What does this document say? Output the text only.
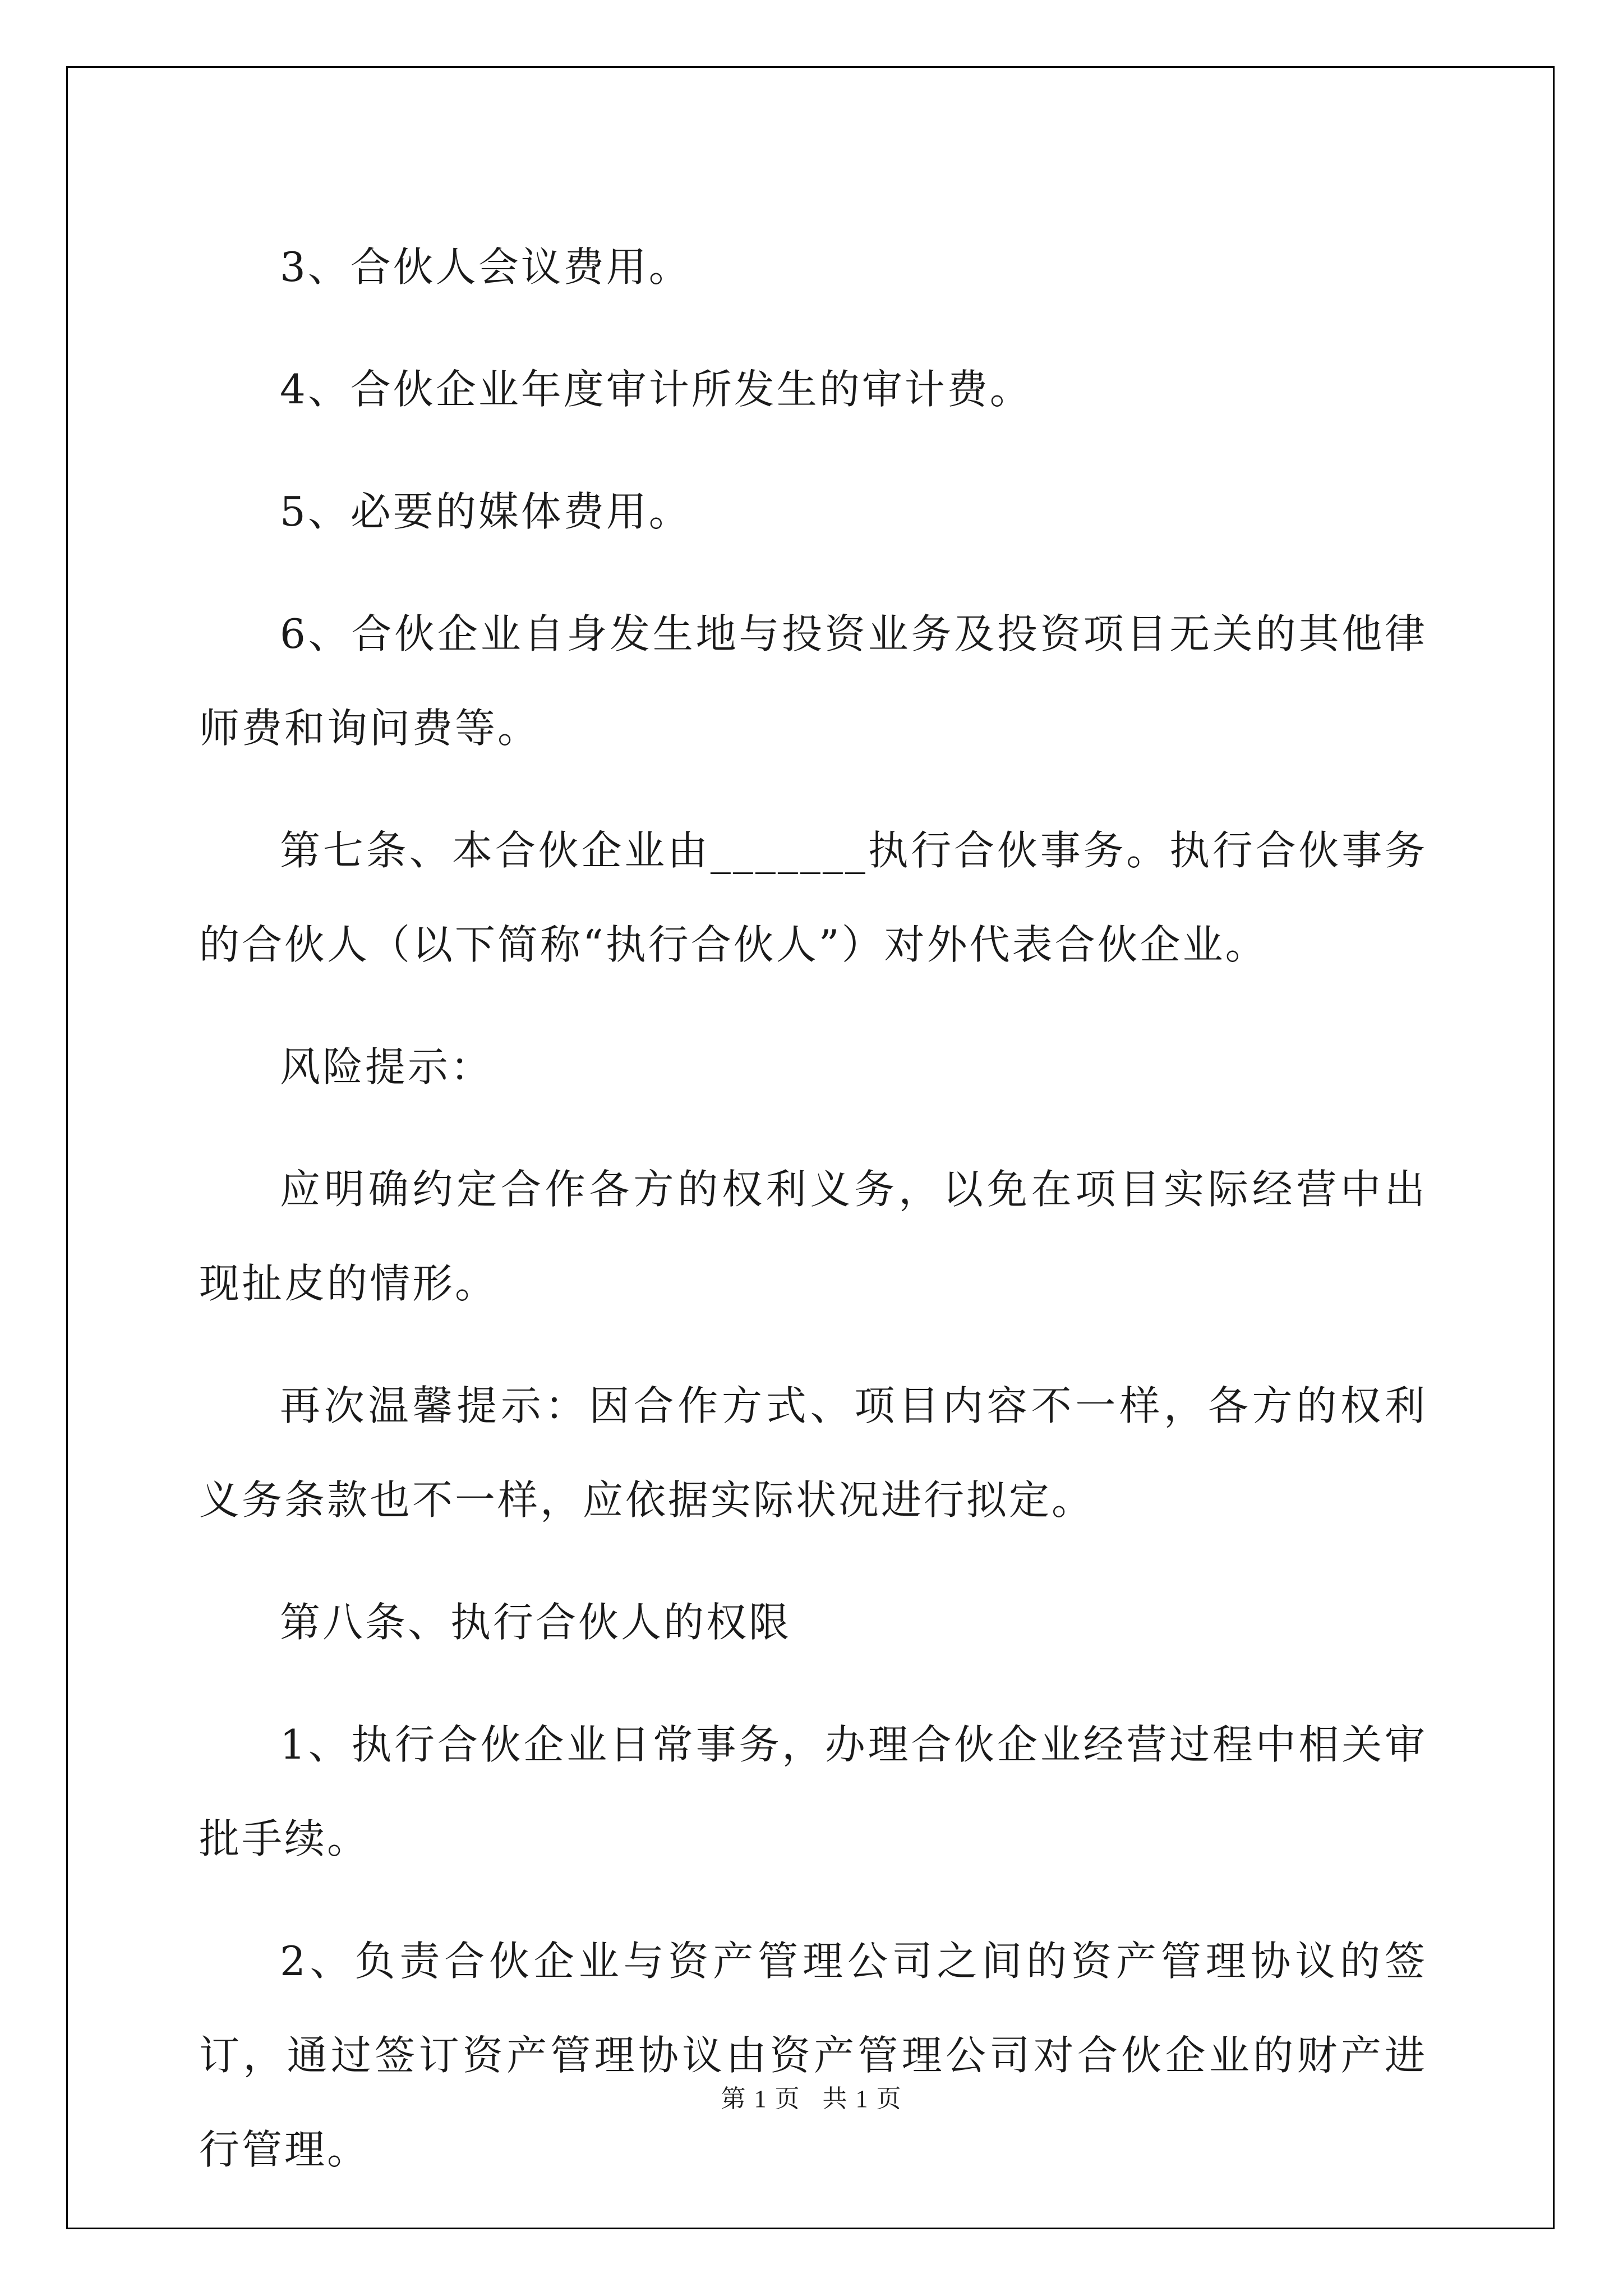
3、合伙人会议费用。

4、合伙企业年度审计所发生的审计费。

5、必要的媒体费用。

6、合伙企业自身发生地与投资业务及投资项目无关的其他律师费和询问费等。

第七条、本合伙企业由_______执行合伙事务。执行合伙事务的合伙人（以下简称“执行合伙人”）对外代表合伙企业。

风险提示：

应明确约定合作各方的权利义务，以免在项目实际经营中出现扯皮的情形。

再次温馨提示：因合作方式、项目内容不一样，各方的权利义务条款也不一样，应依据实际状况进行拟定。

第八条、执行合伙人的权限

1、执行合伙企业日常事务，办理合伙企业经营过程中相关审批手续。

2、负责合伙企业与资产管理公司之间的资产管理协议的签订，通过签订资产管理协议由资产管理公司对合伙企业的财产进行管理。

第 1 页 共 1 页
